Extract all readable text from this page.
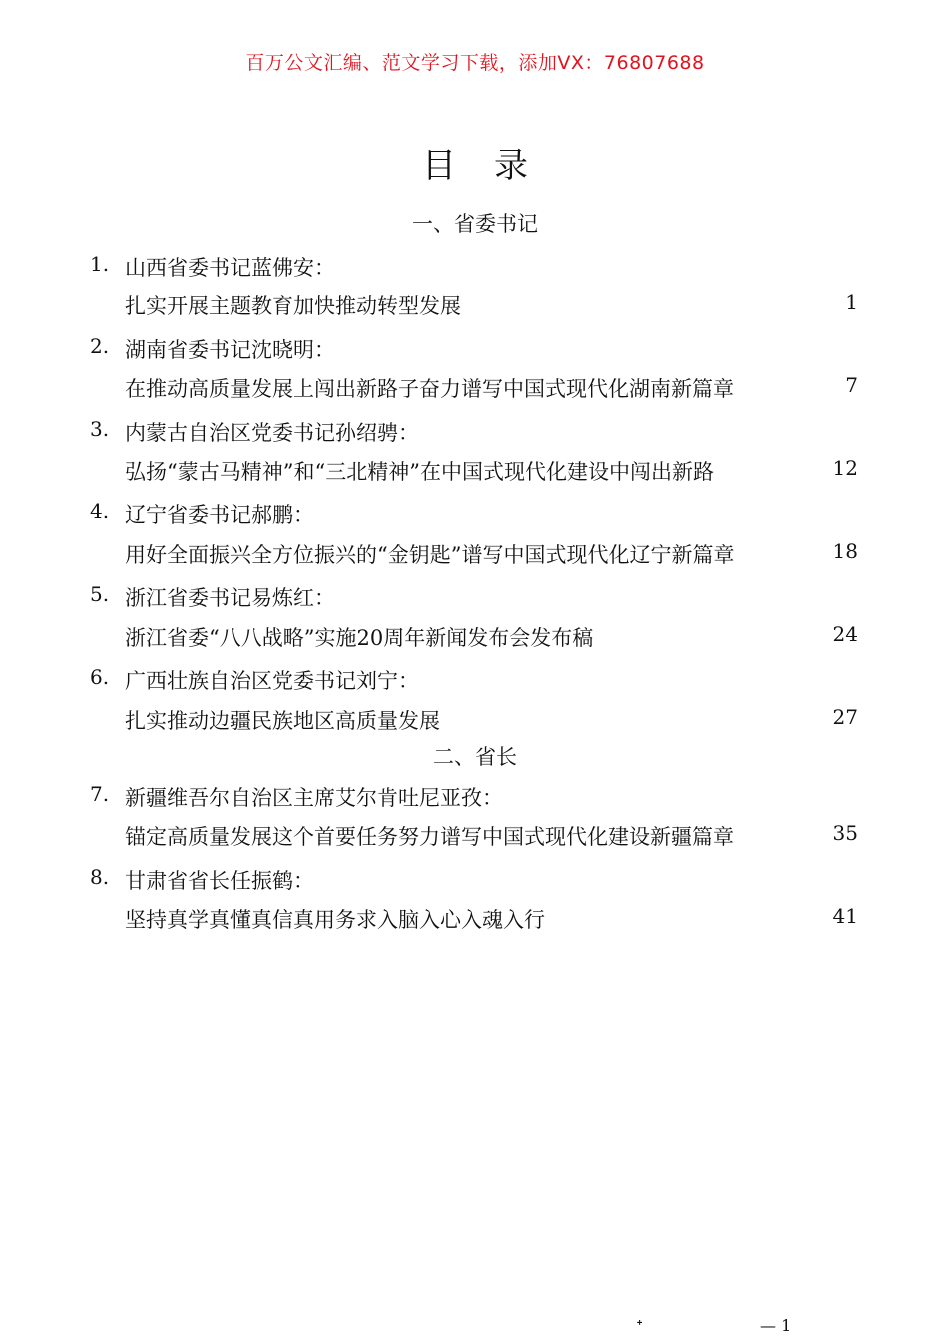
百万公文汇编、范文学习下载，添加VX：76807688
目录
一、省委书记
1. 山西省委书记蓝佛安：
扎实开展主题教育加快推动转型发展	1
2. 湖南省委书记沈晓明：
在推动高质量发展上闯出新路子奋力谱写中国式现代化湖南新篇章	7
3. 内蒙古自治区党委书记孙绍骋：
弘扬“蒙古马精神”和“三北精神”在中国式现代化建设中闯出新路	12
4. 辽宁省委书记郝鹏：
用好全面振兴全方位振兴的“金钥匙”谱写中国式现代化辽宁新篇章	18
5. 浙江省委书记易炼红：
浙江省委“八八战略”实施20周年新闻发布会发布稿	24
6. 广西壮族自治区党委书记刘宁：
扎实推动边疆民族地区高质量发展	27
二、省长
7. 新疆维吾尔自治区主席艾尔肯吐尼亚孜：
锚定高质量发展这个首要任务努力谱写中国式现代化建设新疆篇章	35
8. 甘肃省省长任振鹤：
坚持真学真懂真信真用务求入脑入心入魂入行	41
ᐩ	— 1
